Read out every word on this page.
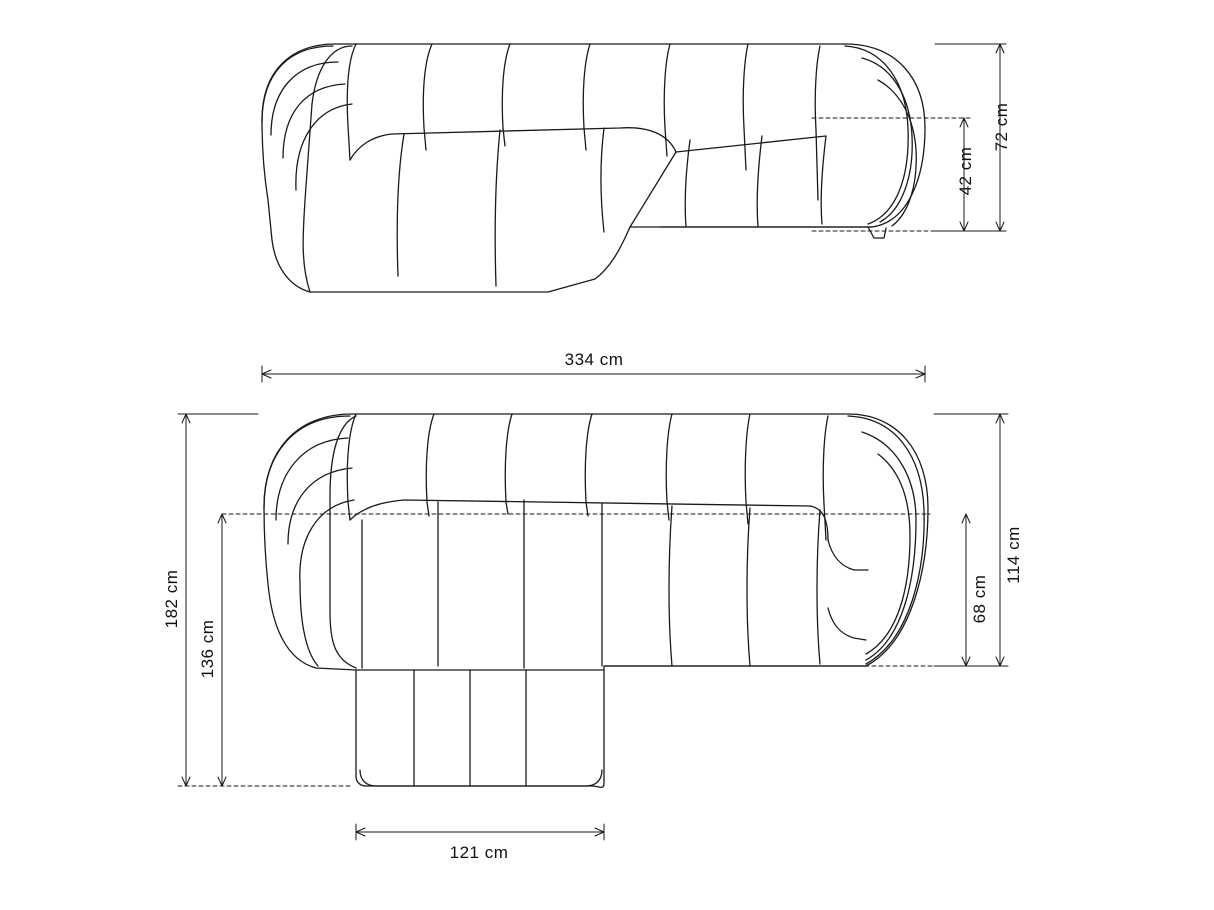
72 cm
42 cm
334 cm
182 cm
136 cm
114 cm
68 cm
121 cm
